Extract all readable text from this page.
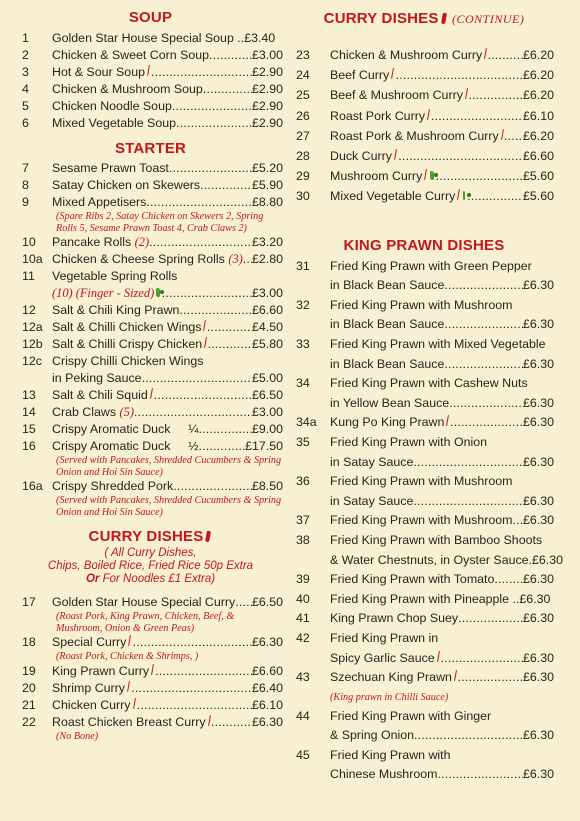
SOUP
1	Golden Star House Special Soup .. £3.40
2	Chicken & Sweet Corn Soup .....	£3.00
3	Hot & Sour Soup .....	£2.90
4	Chicken & Mushroom Soup .....	£2.90
5	Chicken Noodle Soup .....	£2.90
6	Mixed Vegetable Soup .....	£2.90
STARTER
7	Sesame Prawn Toast .....	£5.20
8	Satay Chicken on Skewers .....	£5.90
9	Mixed Appetisers .....	£8.80
(Spare Ribs 2, Satay Chicken on Skewers 2, Spring Rolls 5, Sesame Prawn Toast 4, Crab Claws 2)
10	Pancake Rolls
(2) .....	£3.20
10a Chicken & Cheese Spring Rolls
(3) ..... £2.80
11	Vegetable Spring Rolls
(10) (Finger - Sized) .....	£3.00
12	Salt & Chili King Prawn .....	£6.60
12a Salt & Chilli Chicken Wings .....	£4.50
12b Salt & Chilli Crispy Chicken .....	£5.80
12c Crispy Chilli Chicken Wings
in Peking Sauce .....	£5.00
13	Salt & Chili Squid .....	£6.50
14	Crab Claws
(5) .....	£3.00
15	Crispy Aromatic Duck	¼ .....	£9.00
16	Crispy Aromatic Duck	½ .....	£17.50
(Served with Pancakes, Shredded Cucumbers & Spring Onion and Hoi Sin Sauce)
16a Crispy Shredded Pork .....	£8.50
(Served with Pancakes, Shredded Cucumbers & Spring Onion and Hoi Sin Sauce)
CURRY DISHES
( All Curry Dishes,
Chips, Boiled Rice, Fried Rice 50p Extra
Or For Noodles £1 Extra)
17	Golden Star House Special Curry ..... £6.50
(Roast Pork, King Prawn, Chicken, Beef, & Mushroom, Onion & Green Peas)
18	Special Curry .....	£6.30
(Roast Pork, Chicken & Shrimps, )
19	King Prawn Curry .....	£6.60
20	Shrimp Curry .....	£6.40
21	Chicken Curry .....	£6.10
22	Roast Chicken Breast Curry .....	£6.30
(No Bone)
CURRY DISHES (CONTINUE)
23	Chicken & Mushroom Curry .....	£6.20
24	Beef Curry .....	£6.20
25	Beef & Mushroom Curry .....	£6.20
26	Roast Pork Curry .....	£6.10
27	Roast Pork & Mushroom Curry ..... £6.20
28	Duck Curry .....	£6.60
29	Mushroom Curry .....	£5.60
30	Mixed Vegetable Curry .....	£5.60
KING PRAWN DISHES
31	Fried King Prawn with Green Pepper
in Black Bean Sauce .....	£6.30
32	Fried King Prawn with Mushroom
in Black Bean Sauce .....	£6.30
33	Fried King Prawn with Mixed Vegetable
in Black Bean Sauce .....	£6.30
34	Fried King Prawn with Cashew Nuts
in Yellow Bean Sauce .....	£6.30
34a	Kung Po King Prawn .....	£6.30
35	Fried King Prawn with Onion
in Satay Sauce .....	£6.30
36	Fried King Prawn with Mushroom
in Satay Sauce .....	£6.30
37	Fried King Prawn with Mushroom ..... £6.30
38	Fried King Prawn with Bamboo Shoots
& Water Chestnuts, in Oyster Sauce. £6.30
39	Fried King Prawn with Tomato ..... £6.30
40	Fried King Prawn with Pineapple .. £6.30
41	King Prawn Chop Suey .....	£6.30
42	Fried King Prawn in
Spicy Garlic Sauce .....	£6.30
43	Szechuan King Prawn .....	£6.30
(King prawn in Chilli Sauce)
44	Fried King Prawn with Ginger
& Spring Onion .....	£6.30
45	Fried King Prawn with
Chinese Mushroom .....	£6.30
